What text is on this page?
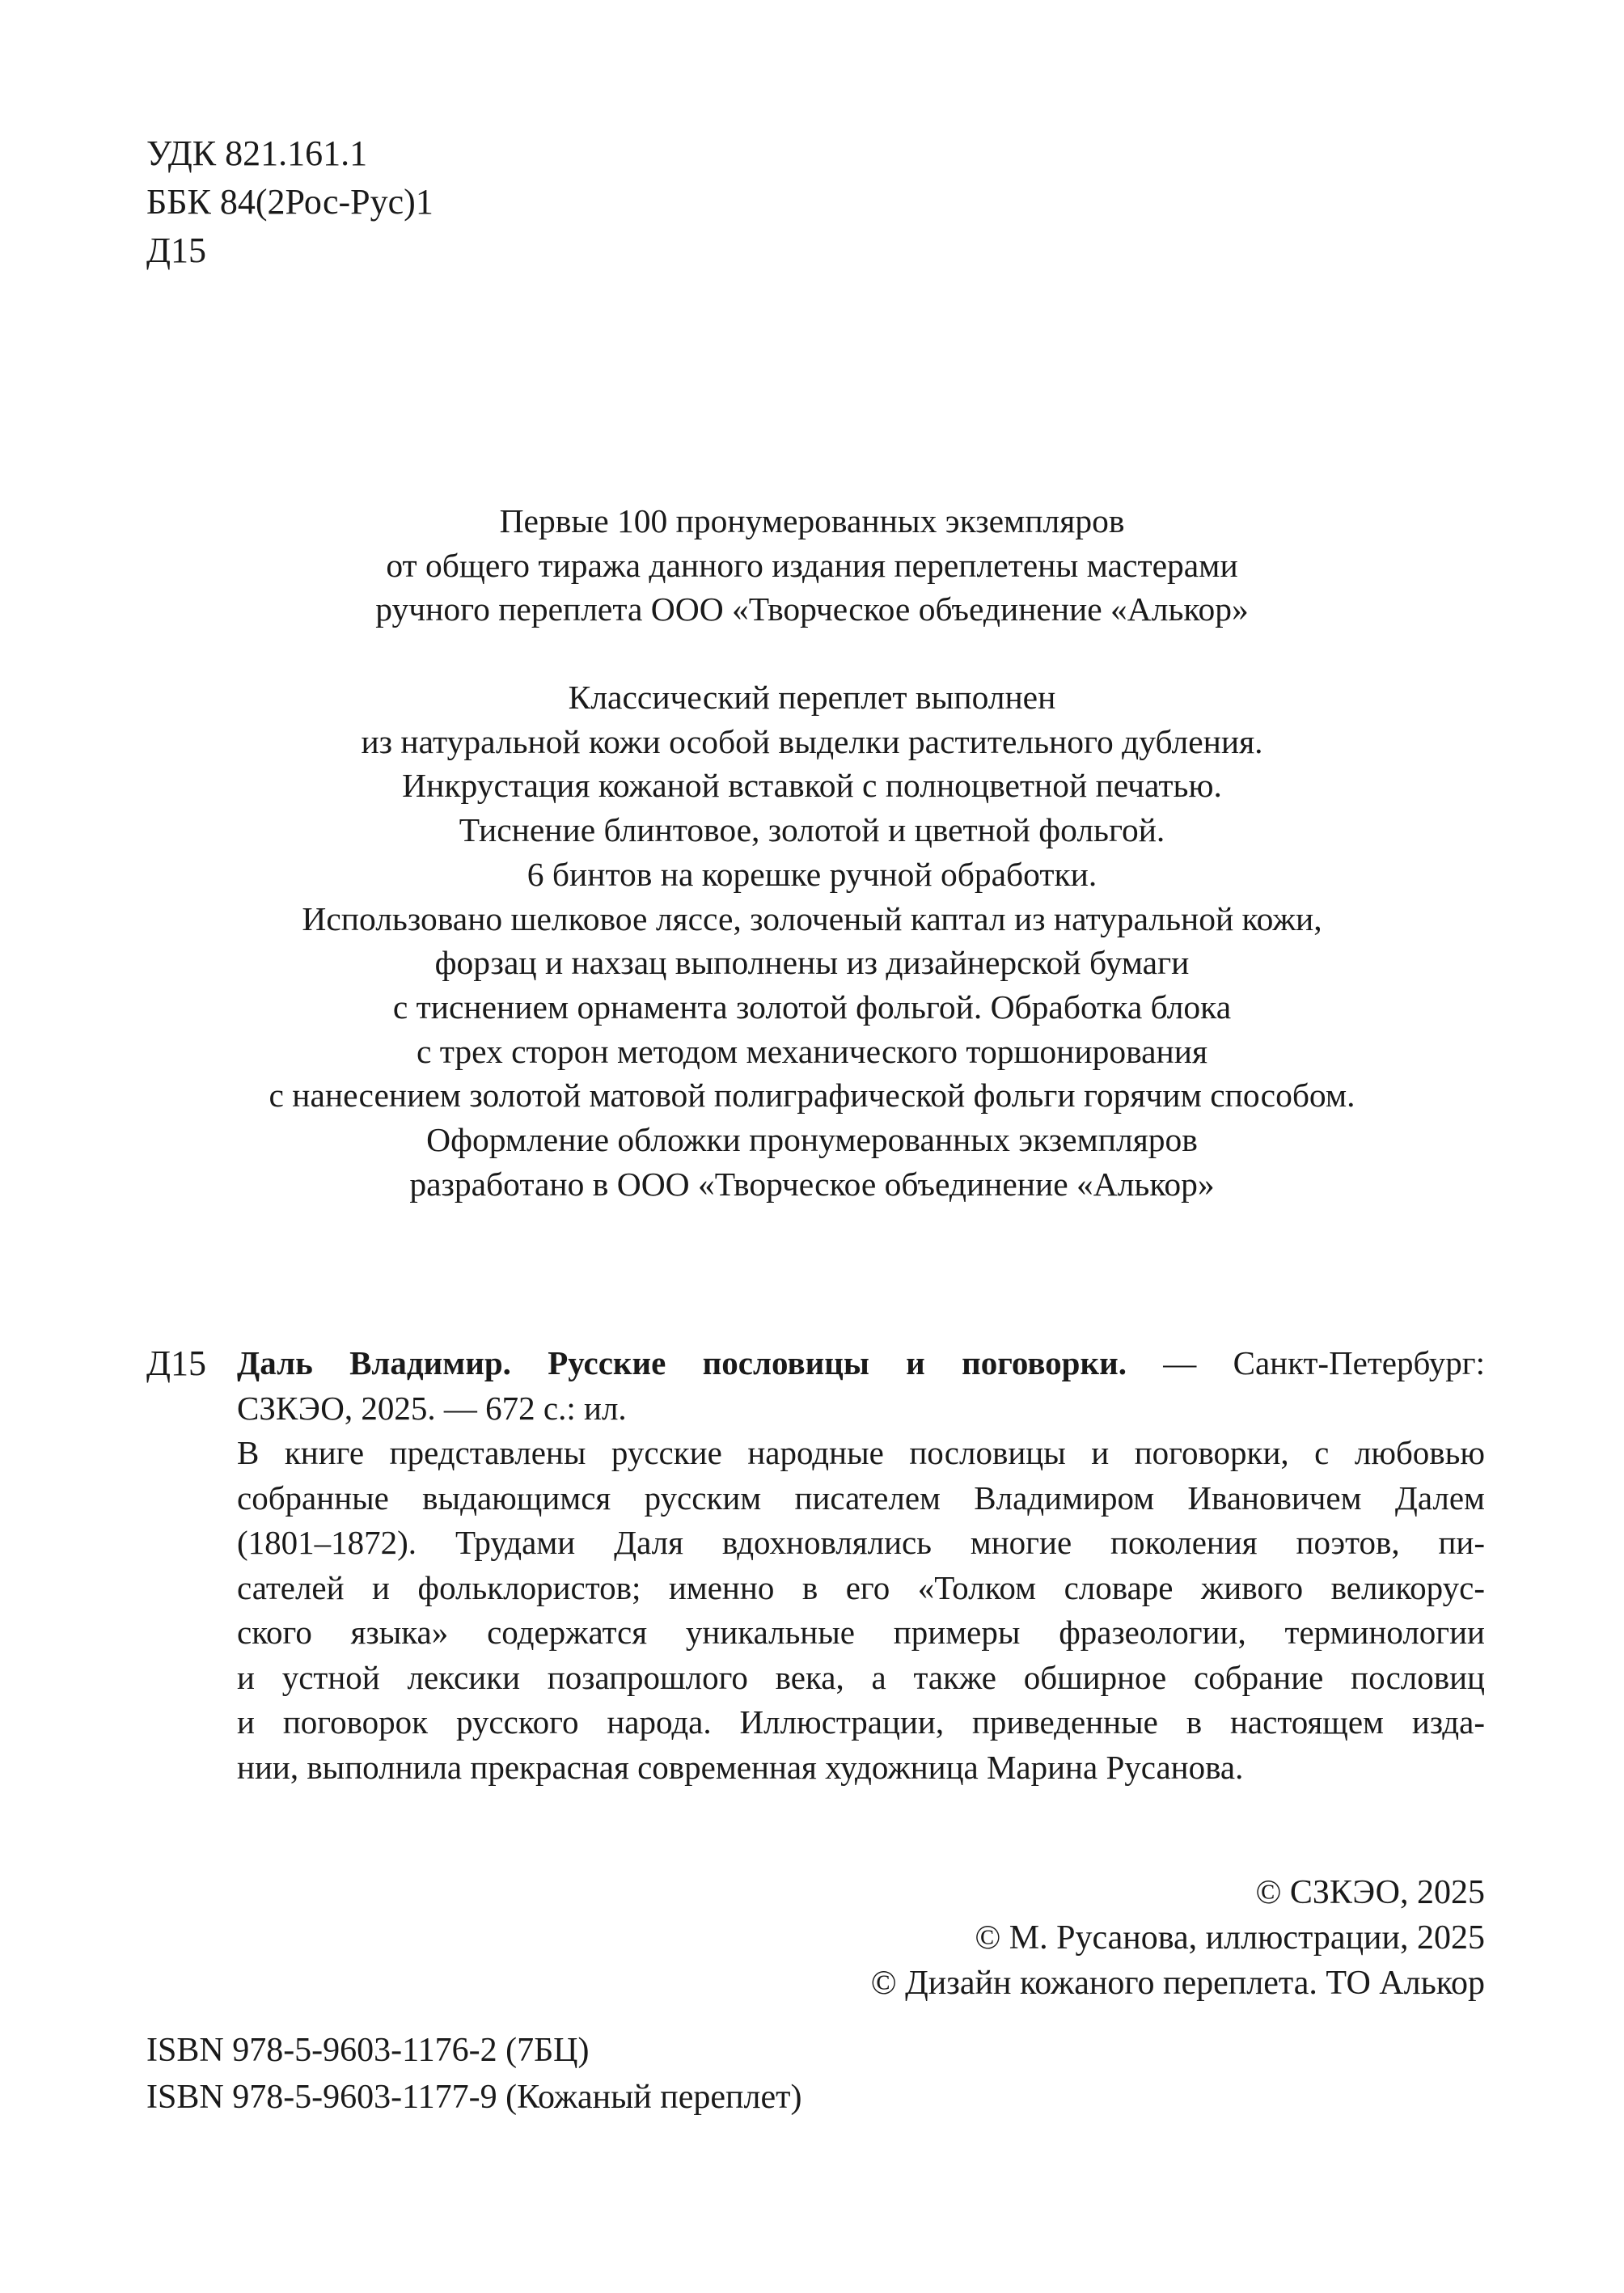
УДК 821.161.1
ББК 84(2Рос-Рус)1
Д15
Первые 100 пронумерованных экземпляров
от общего тиража данного издания переплетены мастерами
ручного переплета ООО «Творческое объединение «Алькор»
Классический переплет выполнен
из натуральной кожи особой выделки растительного дубления.
Инкрустация кожаной вставкой с полноцветной печатью.
Тиснение блинтовое, золотой и цветной фольгой.
6 бинтов на корешке ручной обработки.
Использовано шелковое ляссе, золоченый каптал из натуральной кожи,
форзац и нахзац выполнены из дизайнерской бумаги
с тиснением орнамента золотой фольгой. Обработка блока
с трех сторон методом механического торшонирования
с нанесением золотой матовой полиграфической фольги горячим способом.
Оформление обложки пронумерованных экземпляров
разработано в ООО «Творческое объединение «Алькор»
Д15 Даль Владимир. Русские пословицы и поговорки. — Санкт-Петербург:
СЗКЭО, 2025. — 672 с.: ил.
В книге представлены русские народные пословицы и поговорки, с любовью
собранные выдающимся русским писателем Владимиром Ивановичем Далем
(1801–1872). Трудами Даля вдохновлялись многие поколения поэтов, пи-
сателей и фольклористов; именно в его «Толком словаре живого великорус-
ского языка» содержатся уникальные примеры фразеологии, терминологии
и устной лексики позапрошлого века, а также обширное собрание пословиц
и поговорок русского народа. Иллюстрации, приведенные в настоящем изда-
нии, выполнила прекрасная современная художница Марина Русанова.
© СЗКЭО, 2025
© М. Русанова, иллюстрации, 2025
© Дизайн кожаного переплета. ТО Алькор
ISBN 978-5-9603-1176-2 (7БЦ)
ISBN 978-5-9603-1177-9 (Кожаный переплет)
